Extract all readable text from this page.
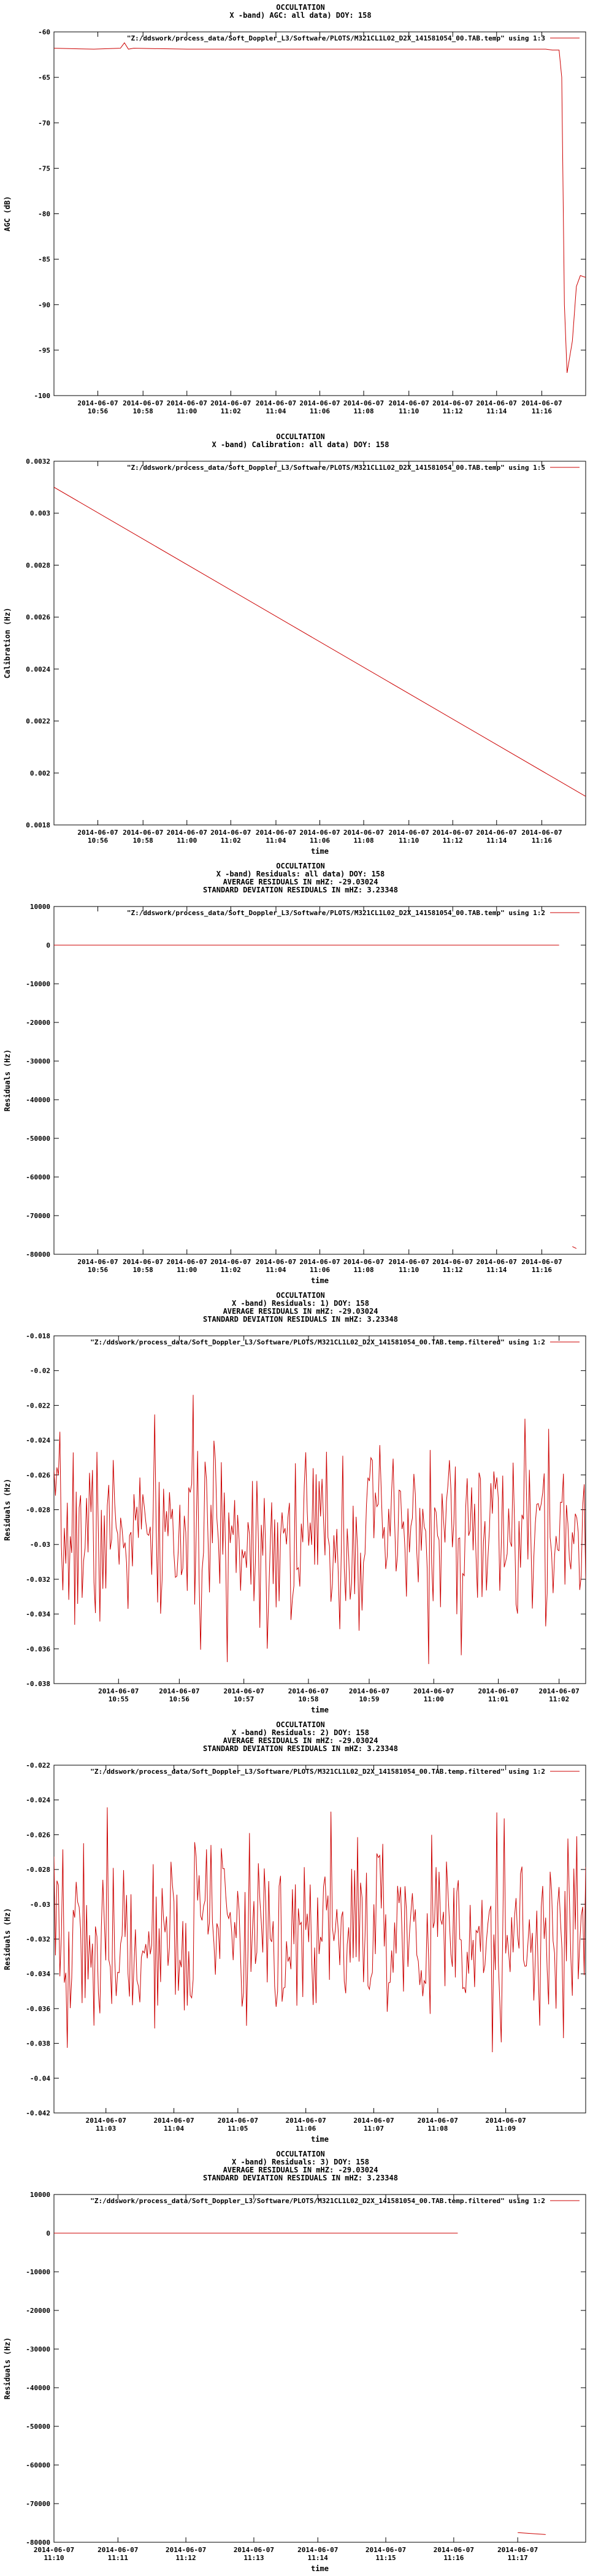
OCCULTATION
X -band) AGC: all data) DOY: 158
-60
-65
-70
-75
-80
-85
-90
-95
-100
2014-06-07
10:56
2014-06-07
10:58
2014-06-07
11:00
2014-06-07
11:02
2014-06-07
11:04
2014-06-07
11:06
2014-06-07
11:08
2014-06-07
11:10
2014-06-07
11:12
2014-06-07
11:14
2014-06-07
11:16
AGC (dB)
"Z:/ddswork/process_data/Soft_Doppler_L3/Software/PLOTS/M321CL1L02_D2X_141581054_00.TAB.temp" using 1:3
OCCULTATION
X -band) Calibration: all data) DOY: 158
0.0032
0.003
0.0028
0.0026
0.0024
0.0022
0.002
0.0018
2014-06-07
10:56
2014-06-07
10:58
2014-06-07
11:00
2014-06-07
11:02
2014-06-07
11:04
2014-06-07
11:06
2014-06-07
11:08
2014-06-07
11:10
2014-06-07
11:12
2014-06-07
11:14
2014-06-07
11:16
time
Calibration (Hz)
"Z:/ddswork/process_data/Soft_Doppler_L3/Software/PLOTS/M321CL1L02_D2X_141581054_00.TAB.temp" using 1:5
OCCULTATION
X -band) Residuals: all data) DOY: 158
AVERAGE RESIDUALS IN mHZ: -29.03024
STANDARD DEVIATION RESIDUALS IN mHZ: 3.23348
10000
0
-10000
-20000
-30000
-40000
-50000
-60000
-70000
-80000
2014-06-07
10:56
2014-06-07
10:58
2014-06-07
11:00
2014-06-07
11:02
2014-06-07
11:04
2014-06-07
11:06
2014-06-07
11:08
2014-06-07
11:10
2014-06-07
11:12
2014-06-07
11:14
2014-06-07
11:16
time
Residuals (Hz)
"Z:/ddswork/process_data/Soft_Doppler_L3/Software/PLOTS/M321CL1L02_D2X_141581054_00.TAB.temp" using 1:2
OCCULTATION
X -band) Residuals: 1) DOY: 158
AVERAGE RESIDUALS IN mHZ: -29.03024
STANDARD DEVIATION RESIDUALS IN mHZ: 3.23348
-0.018
-0.02
-0.022
-0.024
-0.026
-0.028
-0.03
-0.032
-0.034
-0.036
-0.038
2014-06-07
10:55
2014-06-07
10:56
2014-06-07
10:57
2014-06-07
10:58
2014-06-07
10:59
2014-06-07
11:00
2014-06-07
11:01
2014-06-07
11:02
time
Residuals (Hz)
"Z:/ddswork/process_data/Soft_Doppler_L3/Software/PLOTS/M321CL1L02_D2X_141581054_00.TAB.temp.filtered" using 1:2
OCCULTATION
X -band) Residuals: 2) DOY: 158
AVERAGE RESIDUALS IN mHZ: -29.03024
STANDARD DEVIATION RESIDUALS IN mHZ: 3.23348
-0.022
-0.024
-0.026
-0.028
-0.03
-0.032
-0.034
-0.036
-0.038
-0.04
-0.042
2014-06-07
11:03
2014-06-07
11:04
2014-06-07
11:05
2014-06-07
11:06
2014-06-07
11:07
2014-06-07
11:08
2014-06-07
11:09
time
Residuals (Hz)
"Z:/ddswork/process_data/Soft_Doppler_L3/Software/PLOTS/M321CL1L02_D2X_141581054_00.TAB.temp.filtered" using 1:2
OCCULTATION
X -band) Residuals: 3) DOY: 158
AVERAGE RESIDUALS IN mHZ: -29.03024
STANDARD DEVIATION RESIDUALS IN mHZ: 3.23348
10000
0
-10000
-20000
-30000
-40000
-50000
-60000
-70000
-80000
2014-06-07
11:10
2014-06-07
11:11
2014-06-07
11:12
2014-06-07
11:13
2014-06-07
11:14
2014-06-07
11:15
2014-06-07
11:16
2014-06-07
11:17
time
Residuals (Hz)
"Z:/ddswork/process_data/Soft_Doppler_L3/Software/PLOTS/M321CL1L02_D2X_141581054_00.TAB.temp.filtered" using 1:2
